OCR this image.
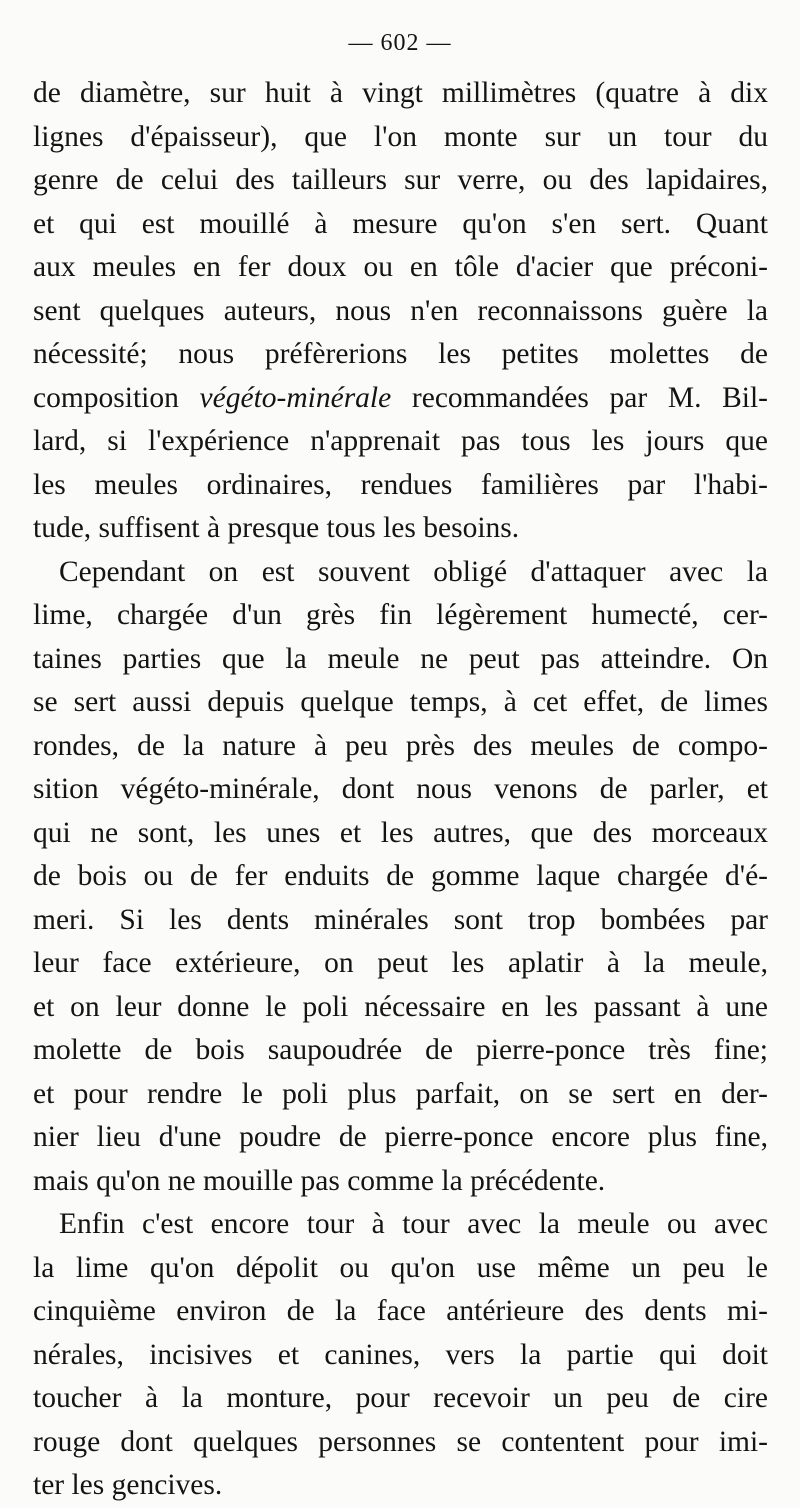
— 602 —

de diamètre, sur huit à vingt millimètres (quatre à dix
lignes d'épaisseur), que l'on monte sur un tour du
genre de celui des tailleurs sur verre, ou des lapidaires,
et qui est mouillé à mesure qu'on s'en sert. Quant
aux meules en fer doux ou en tôle d'acier que préconi-
sent quelques auteurs, nous n'en reconnaissons guère la
nécessité; nous préfèrerions les petites molettes de
composition végéto-minérale recommandées par M. Bil-
lard, si l'expérience n'apprenait pas tous les jours que
les meules ordinaires, rendues familières par l'habi-
tude, suffisent à presque tous les besoins.

Cependant on est souvent obligé d'attaquer avec la
lime, chargée d'un grès fin légèrement humecté, cer-
taines parties que la meule ne peut pas atteindre. On
se sert aussi depuis quelque temps, à cet effet, de limes
rondes, de la nature à peu près des meules de compo-
sition végéto-minérale, dont nous venons de parler, et
qui ne sont, les unes et les autres, que des morceaux
de bois ou de fer enduits de gomme laque chargée d'é-
meri. Si les dents minérales sont trop bombées par
leur face extérieure, on peut les aplatir à la meule,
et on leur donne le poli nécessaire en les passant à une
molette de bois saupoudrée de pierre-ponce très fine;
et pour rendre le poli plus parfait, on se sert en der-
nier lieu d'une poudre de pierre-ponce encore plus fine,
mais qu'on ne mouille pas comme la précédente.

Enfin c'est encore tour à tour avec la meule ou avec
la lime qu'on dépolit ou qu'on use même un peu le
cinquième environ de la face antérieure des dents mi-
nérales, incisives et canines, vers la partie qui doit
toucher à la monture, pour recevoir un peu de cire
rouge dont quelques personnes se contentent pour imi-
ter les gencives.
